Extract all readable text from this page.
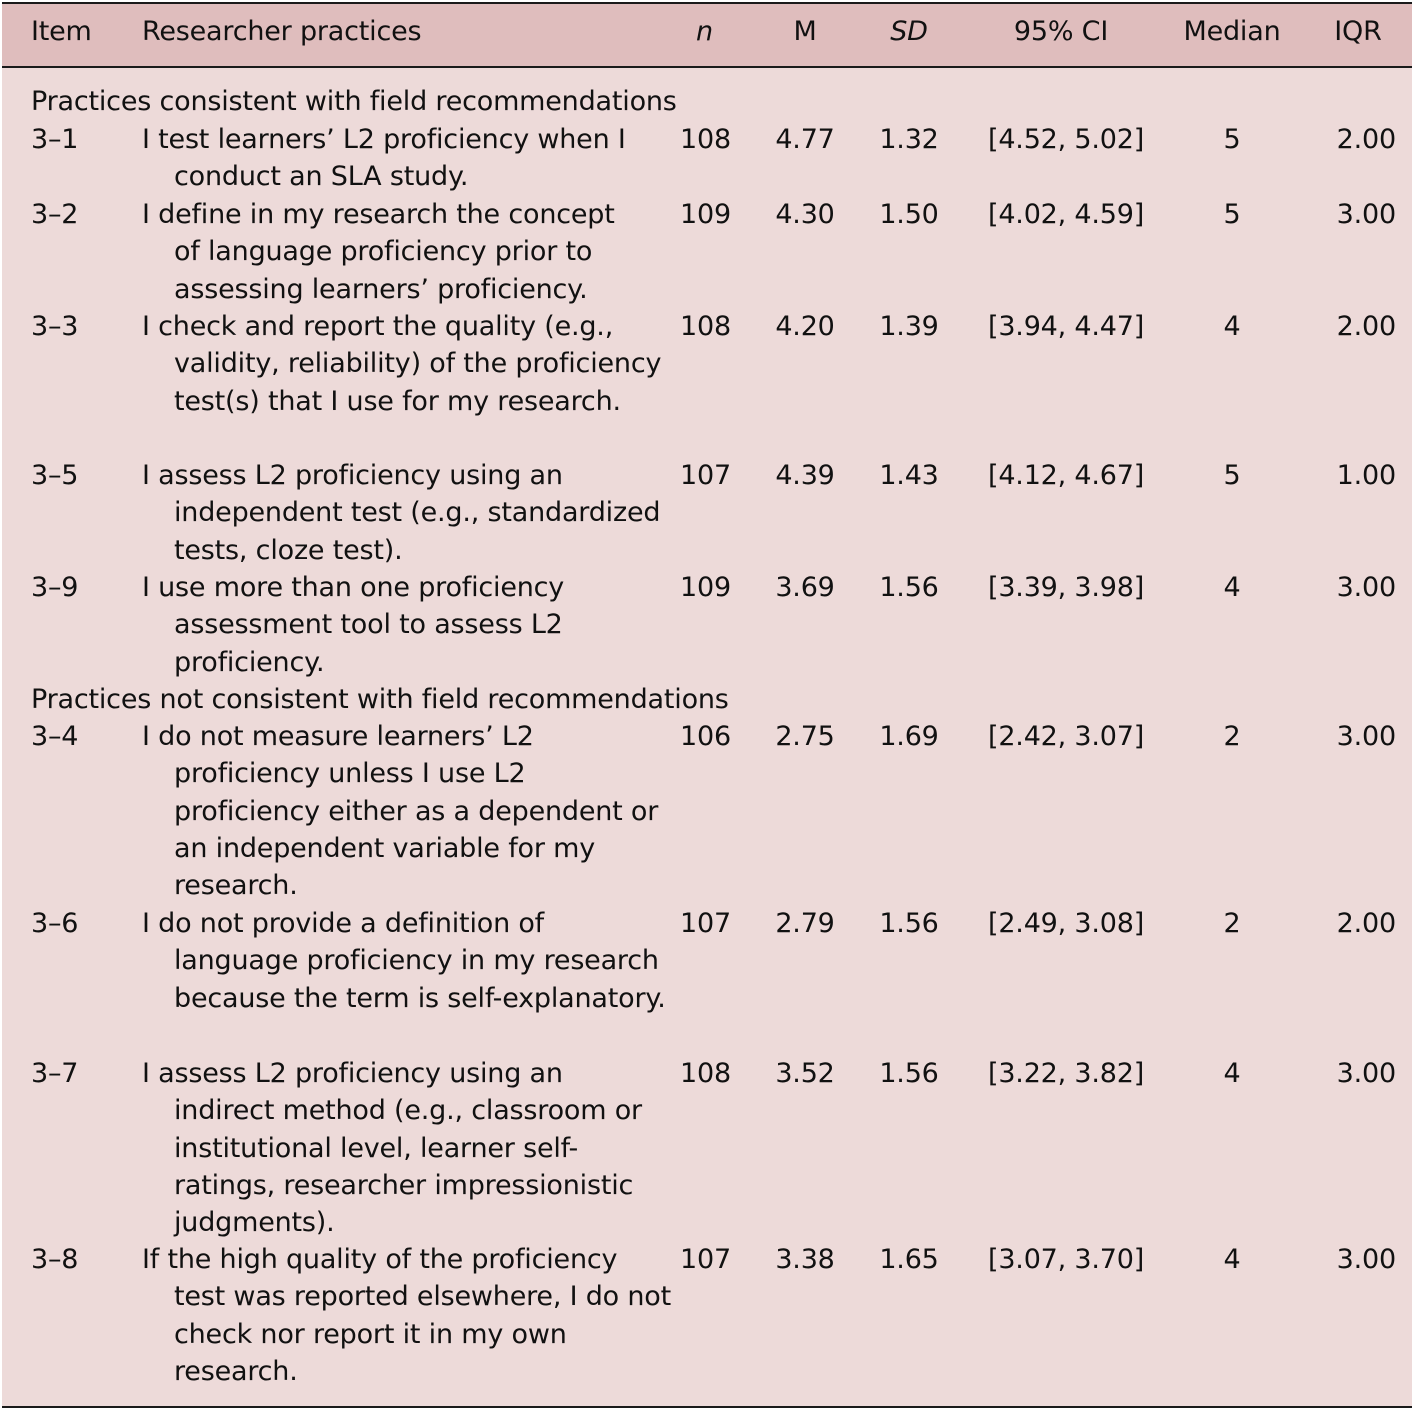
Item Researcher practices	n	M	SD	95% CI	Median	IQR
Practices consistent with field recommendations
3–1 I test learners’ L2 proficiency when I
conduct an SLA study.
108	4.77	1.32	[4.52, 5.02]	5	2.00
3–2 I define in my research the concept
of language proficiency prior to assessing learners’ proficiency.
109	4.30	1.50	[4.02, 4.59]	5	3.00
3–3 I check and report the quality (e.g.,
validity, reliability) of the proficiency test(s) that I use for my research.
108	4.20	1.39	[3.94, 4.47]	4	2.00
3–5 I assess L2 proficiency using an
independent test (e.g., standardized tests, cloze test).
107	4.39	1.43	[4.12, 4.67]	5	1.00
3–9 I use more than one proficiency
assessment tool to assess L2 proficiency.
109	3.69	1.56	[3.39, 3.98]	4	3.00
Practices not consistent with field recommendations
3–4 I do not measure learners’ L2
proficiency unless I use L2 proficiency either as a dependent or an independent variable for my research.
106	2.75	1.69	[2.42, 3.07]	2	3.00
3–6 I do not provide a definition of
language proficiency in my research because the term is self-explanatory.
107	2.79	1.56	[2.49, 3.08]	2	2.00
3–7 I assess L2 proficiency using an
indirect method (e.g., classroom or institutional level, learner self-ratings, researcher impressionistic judgments).
108	3.52	1.56	[3.22, 3.82]	4	3.00
3–8 If the high quality of the proficiency
test was reported elsewhere, I do not check nor report it in my own research.
107	3.38	1.65	[3.07, 3.70]	4	3.00
